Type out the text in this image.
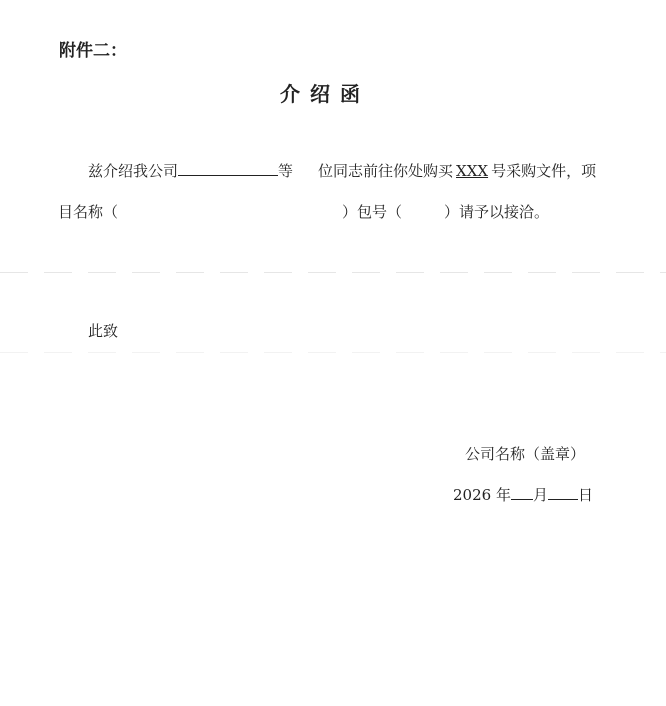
附件二：
介绍函
兹介绍我公司	等 位同志前往你处购买 XXX 号采购文件，项
目名称（	）包号（	）请予以接洽。
此致
公司名称（盖章）
2026 年 月 日
